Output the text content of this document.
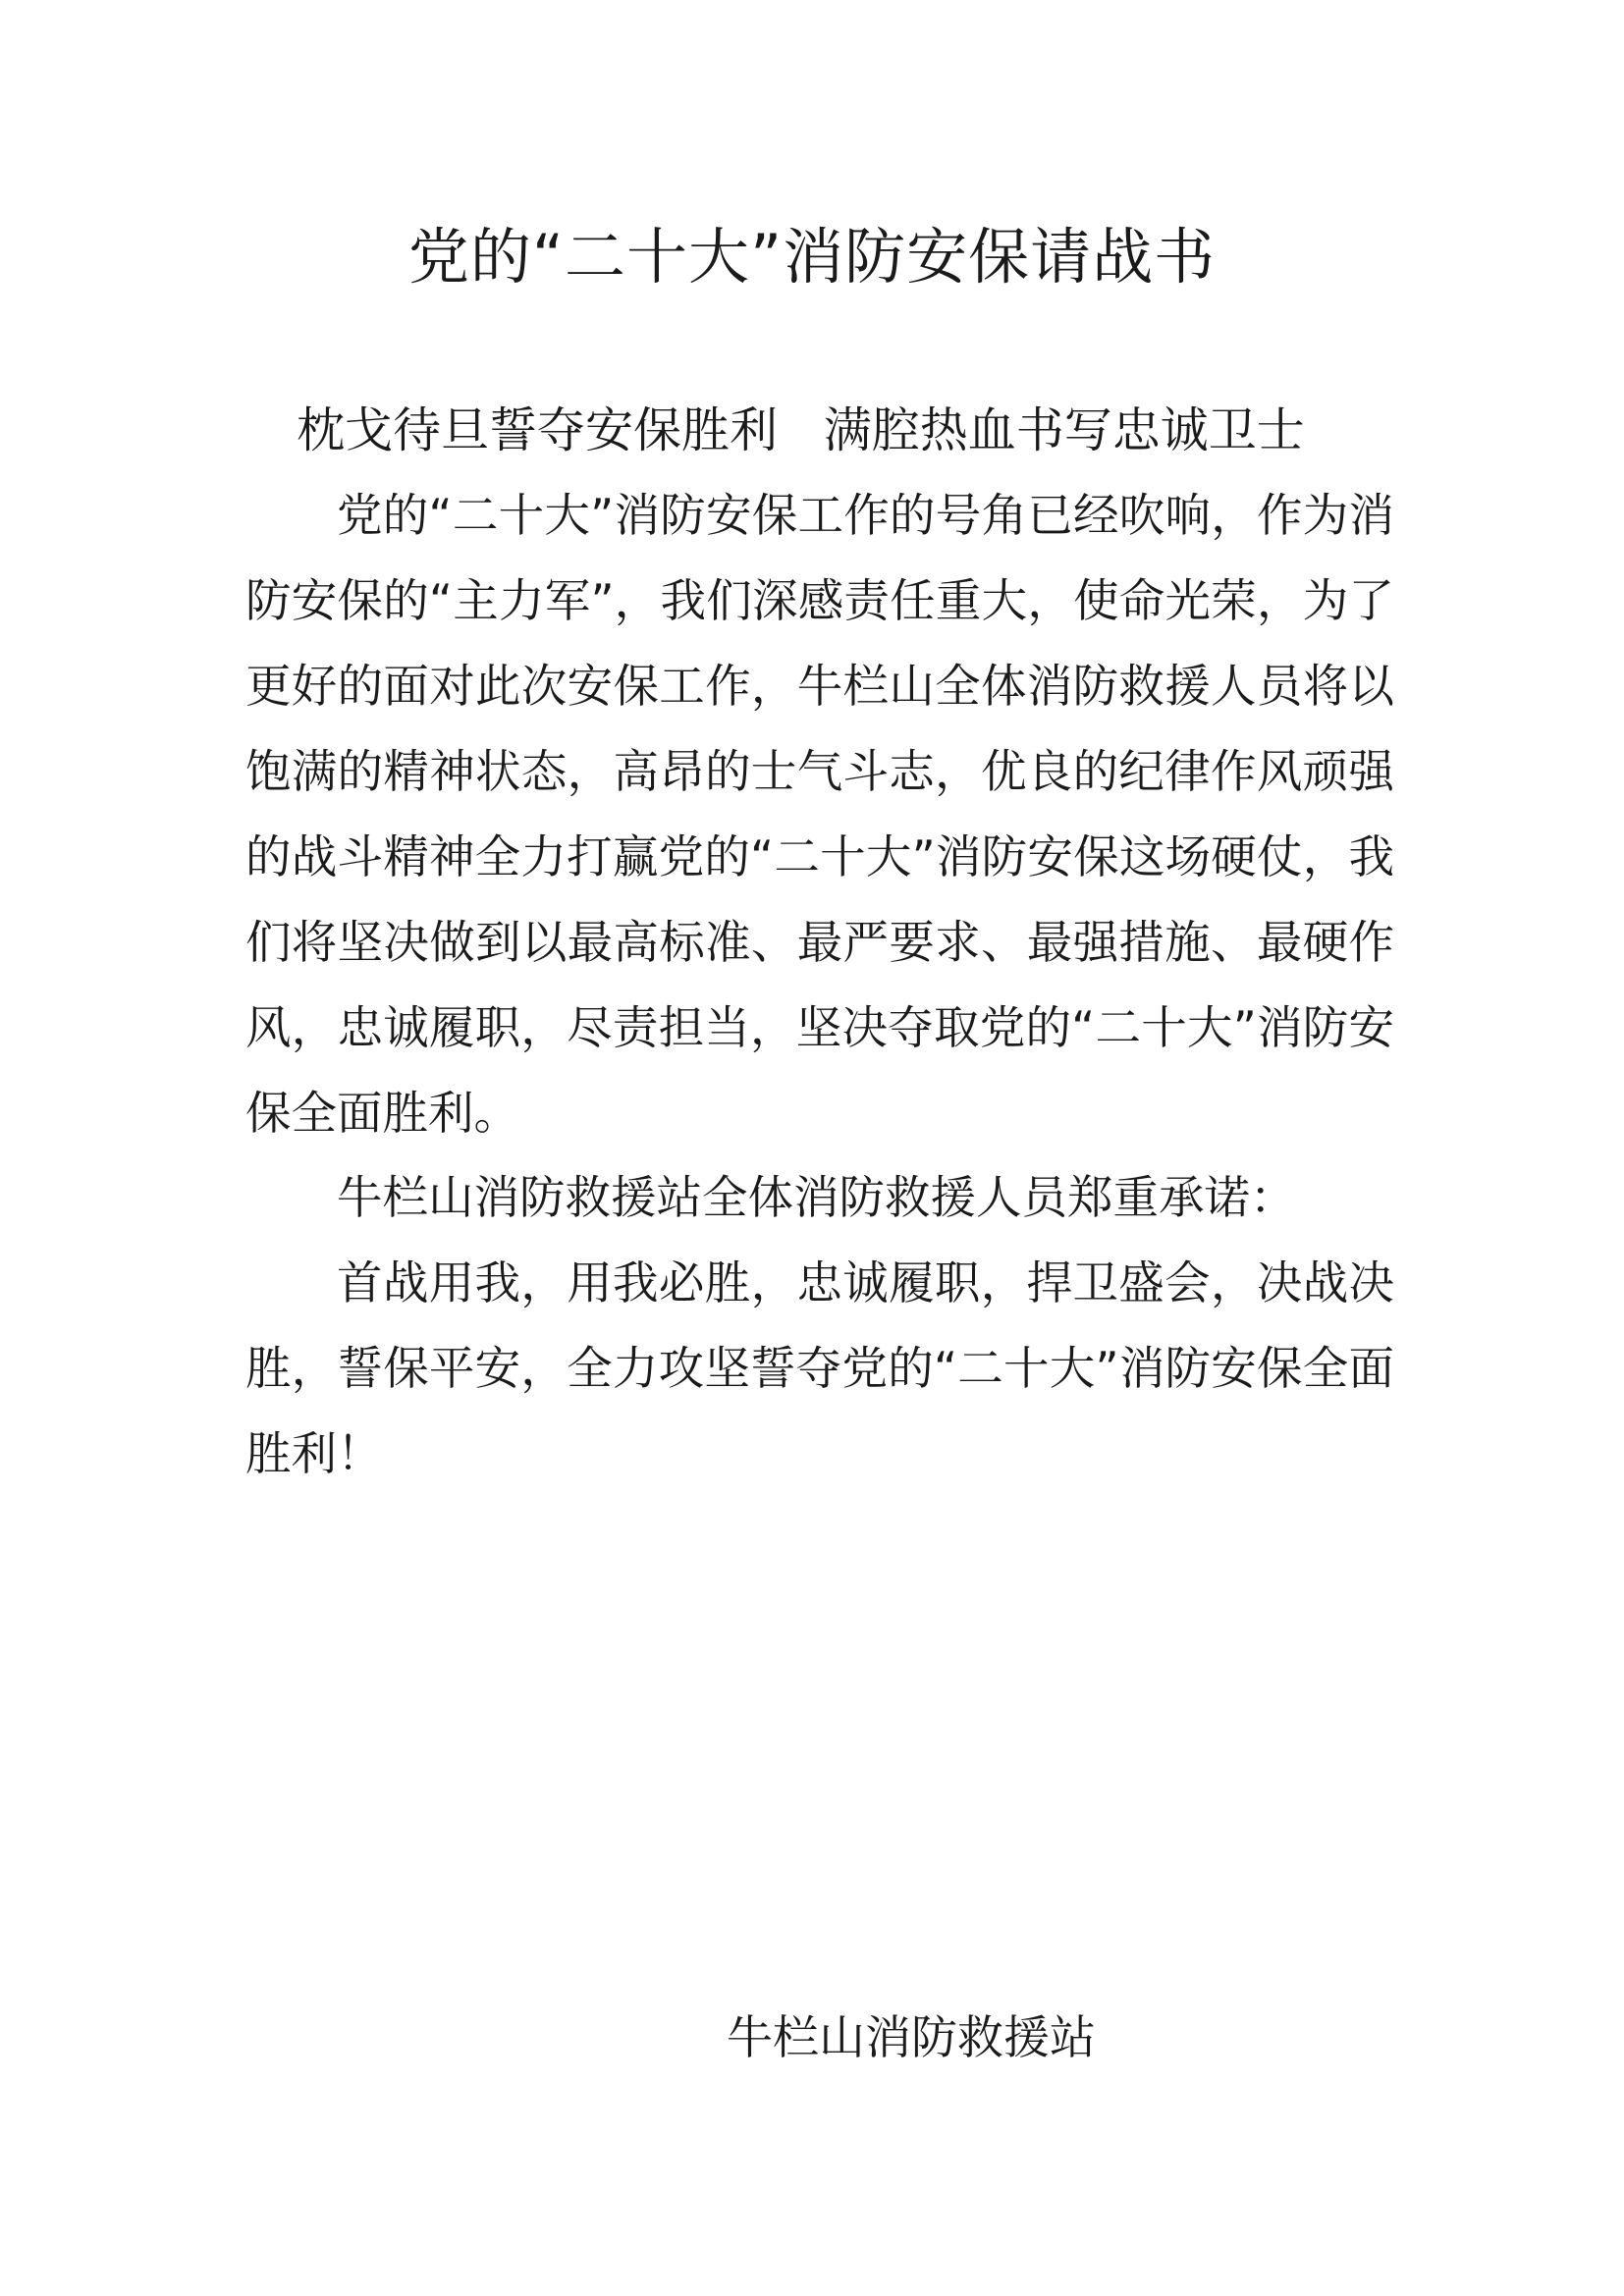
党的“二十大”消防安保请战书
枕戈待旦誓夺安保胜利   满腔热血书写忠诚卫士

党的“二十大”消防安保工作的号角已经吹响，作为消防安保的“主力军”，我们深感责任重大，使命光荣，为了更好的面对此次安保工作，牛栏山全体消防救援人员将以饱满的精神状态，高昂的士气斗志，优良的纪律作风顽强的战斗精神全力打赢党的“二十大”消防安保这场硬仗，我们将坚决做到以最高标准、最严要求、最强措施、最硬作风，忠诚履职，尽责担当，坚决夺取党的“二十大”消防安保全面胜利。

牛栏山消防救援站全体消防救援人员郑重承诺：

首战用我，用我必胜，忠诚履职，捍卫盛会，决战决胜，誓保平安，全力攻坚誓夺党的“二十大”消防安保全面胜利！

牛栏山消防救援站
